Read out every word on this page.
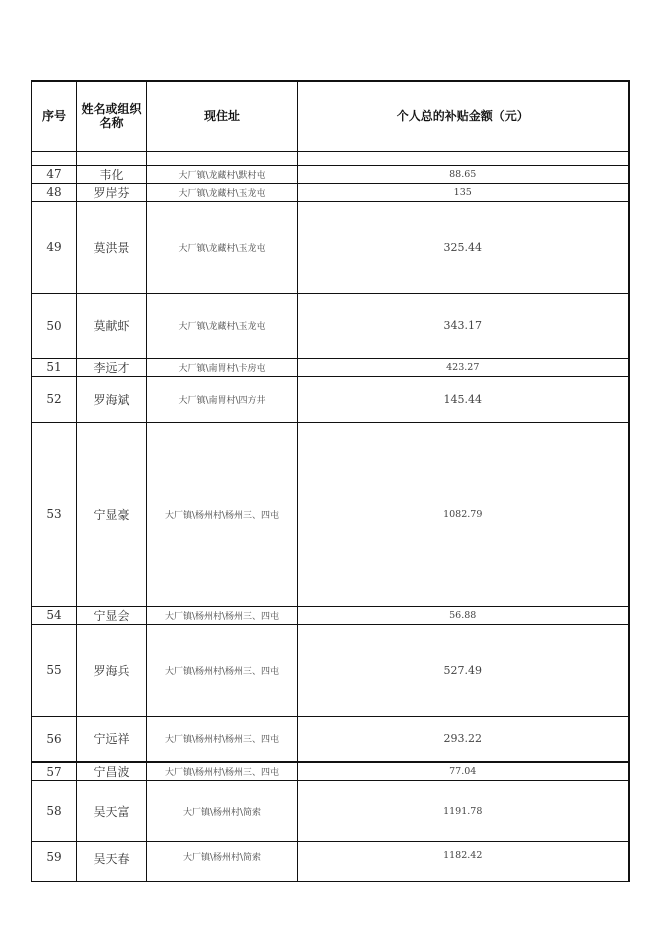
序号	姓名或组织名称	现住址	个人总的补贴金额（元）

47	韦化	大厂镇\龙藏村\默村屯	88.65
48	罗岸芬	大厂镇\龙藏村\玉龙屯	135
49	莫洪景	大厂镇\龙藏村\玉龙屯	325.44
50	莫献虾	大厂镇\龙藏村\玉龙屯	343.17
51	李远才	大厂镇\南胃村\卡房屯	423.27
52	罗海斌	大厂镇\南胃村\四方井	145.44
53	宁显豪	大厂镇\杨州村\杨州三、四屯	1082.79
54	宁显会	大厂镇\杨州村\杨州三、四屯	56.88
55	罗海兵	大厂镇\杨州村\杨州三、四屯	527.49
56	宁远祥	大厂镇\杨州村\杨州三、四屯	293.22
57	宁昌波	大厂镇\杨州村\杨州三、四屯	77.04
58	吴天富	大厂镇\杨州村\简索	1191.78
59	吴天春	大厂镇\杨州村\简索	1182.42
